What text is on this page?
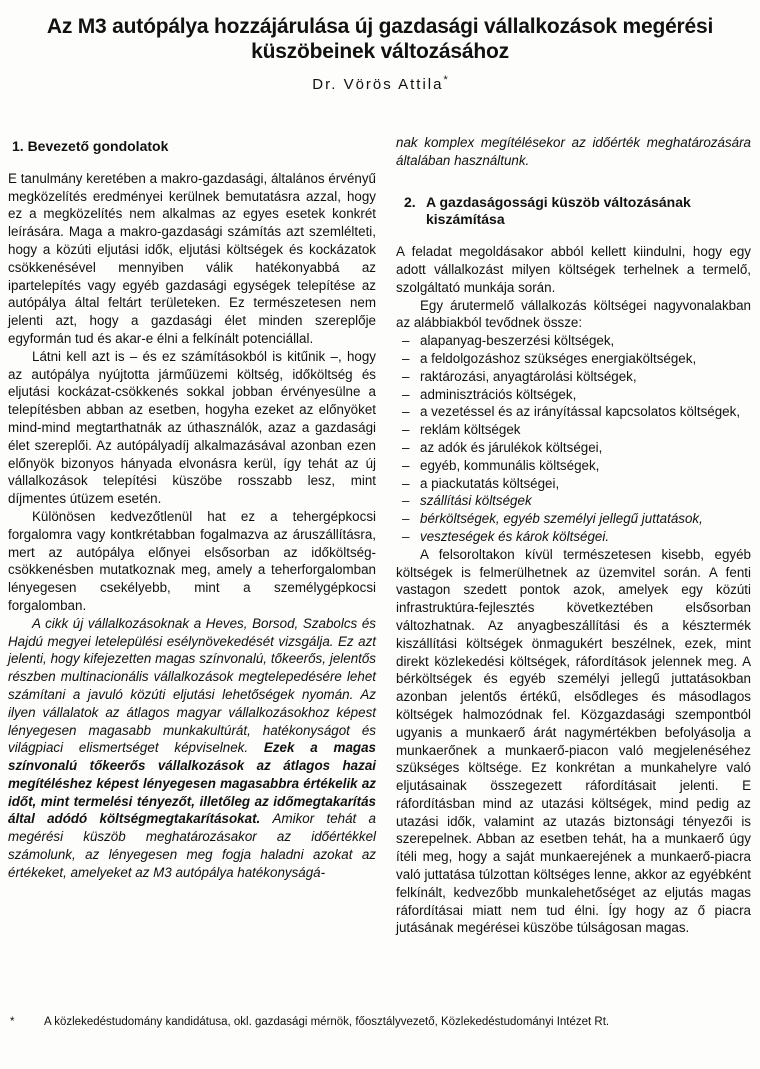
Az M3 autópálya hozzájárulása új gazdasági vállalkozások megérési küszöbeinek változásához
Dr. Vörös Attila*
1. Bevezető gondolatok

E tanulmány keretében a makro-gazdasági, általános érvényű megközelítés eredményei kerülnek bemutatásra azzal, hogy ez a megközelítés nem alkalmas az egyes esetek konkrét leírására. Maga a makro-gazdasági számítás azt szemlélteti, hogy a közúti eljutási idők, eljutási költségek és kockázatok csökkenésével mennyiben válik hatékonyabbá az ipartelepítés vagy egyéb gazdasági egységek telepítése az autópálya által feltárt területeken. Ez természetesen nem jelenti azt, hogy a gazdasági élet minden szereplője egyformán tud és akar-e élni a felkínált potenciállal.

Látni kell azt is – és ez számításokból is kitűnik –, hogy az autópálya nyújtotta járműüzemi költség, időköltség és eljutási kockázat-csökkenés sokkal jobban érvényesülne a telepítésben abban az esetben, hogyha ezeket az előnyöket mind-mind megtarthatnák az úthasználók, azaz a gazdasági élet szereplői. Az autópályadíj alkalmazásával azonban ezen előnyök bizonyos hányada elvonásra kerül, így tehát az új vállalkozások telepítési küszöbe rosszabb lesz, mint díjmentes útüzem esetén.

Különösen kedvezőtlenül hat ez a tehergépkocsi forgalomra vagy kontkrétabban fogalmazva az áruszállításra, mert az autópálya előnyei elsősorban az időköltség-csökkenésben mutatkoznak meg, amely a teherforgalomban lényegesen csekélyebb, mint a személygépkocsi forgalomban.

A cikk új vállalkozásoknak a Heves, Borsod, Szabolcs és Hajdú megyei letelepülési esélynövekedését vizsgálja. Ez azt jelenti, hogy kifejezetten magas színvonalú, tőkeerős, jelentős részben multinacionális vállalkozások megtelepedésére lehet számítani a javuló közúti eljutási lehetőségek nyomán. Az ilyen vállalatok az átlagos magyar vállalkozásokhoz képest lényegesen magasabb munkakultúrát, hatékonyságot és világpiaci elismertséget képviselnek. Ezek a magas színvonalú tőkeerős vállalkozások az átlagos hazai megítéléshez képest lényegesen magasabbra értékelik az időt, mint termelési tényezőt, illetőleg az időmegtakarítás által adódó költségmegtakarításokat. Amikor tehát a megérési küszöb meghatározásakor az időértékkel számolunk, az lényegesen meg fogja haladni azokat az értékeket, amelyeket az M3 autópálya hatékonyságá-

nak komplex megítélésekor az időérték meghatározására általában használtunk.

2. A gazdaságossági küszöb változásának kiszámítása

A feladat megoldásakor abból kellett kiindulni, hogy egy adott vállalkozást milyen költségek terhelnek a termelő, szolgáltató munkája során.

Egy árutermelő vállalkozás költségei nagyvonalakban az alábbiakból tevődnek össze:

– alapanyag-beszerzési költségek,
– a feldolgozáshoz szükséges energiaköltségek,
– raktározási, anyagtárolási költségek,
– adminisztrációs költségek,
– a vezetéssel és az irányítással kapcsolatos költségek,
– reklám költségek
– az adók és járulékok költségei,
– egyéb, kommunális költségek,
– a piackutatás költségei,
– szállítási költségek
– bérköltségek, egyéb személyi jellegű juttatások,
– veszteségek és károk költségei.

A felsoroltakon kívül természetesen kisebb, egyéb költségek is felmerülhetnek az üzemvitel során. A fenti vastagon szedett pontok azok, amelyek egy közúti infrastruktúra-fejlesztés következtében elsősorban változhatnak. Az anyagbeszállítási és a késztermék kiszállítási költségek önmagukért beszélnek, ezek, mint direkt közlekedési költségek, ráfordítások jelennek meg. A bérköltségek és egyéb személyi jellegű juttatásokban azonban jelentős értékű, elsődleges és másodlagos költségek halmozódnak fel. Közgazdasági szempontból ugyanis a munkaerő árát nagymértékben befolyásolja a munkaerőnek a munkaerő-piacon való megjelenéséhez szükséges költsége. Ez konkrétan a munkahelyre való eljutásainak összegezett ráfordításait jelenti. E ráfordításban mind az utazási költségek, mind pedig az utazási idők, valamint az utazás biztonsági tényezői is szerepelnek. Abban az esetben tehát, ha a munkaerő úgy ítéli meg, hogy a saját munkaerejének a munkaerő-piacra való juttatása túlzottan költséges lenne, akkor az egyébként felkínált, kedvezőbb munkalehetőséget az eljutás magas ráfordításai miatt nem tud élni. Így hogy az ő piacra jutásának megérései küszöbe túlságosan magas.

*	A közlekedéstudomány kandidátusa, okl. gazdasági mérnök, főosztályvezető, Közlekedéstudományi Intézet Rt.
